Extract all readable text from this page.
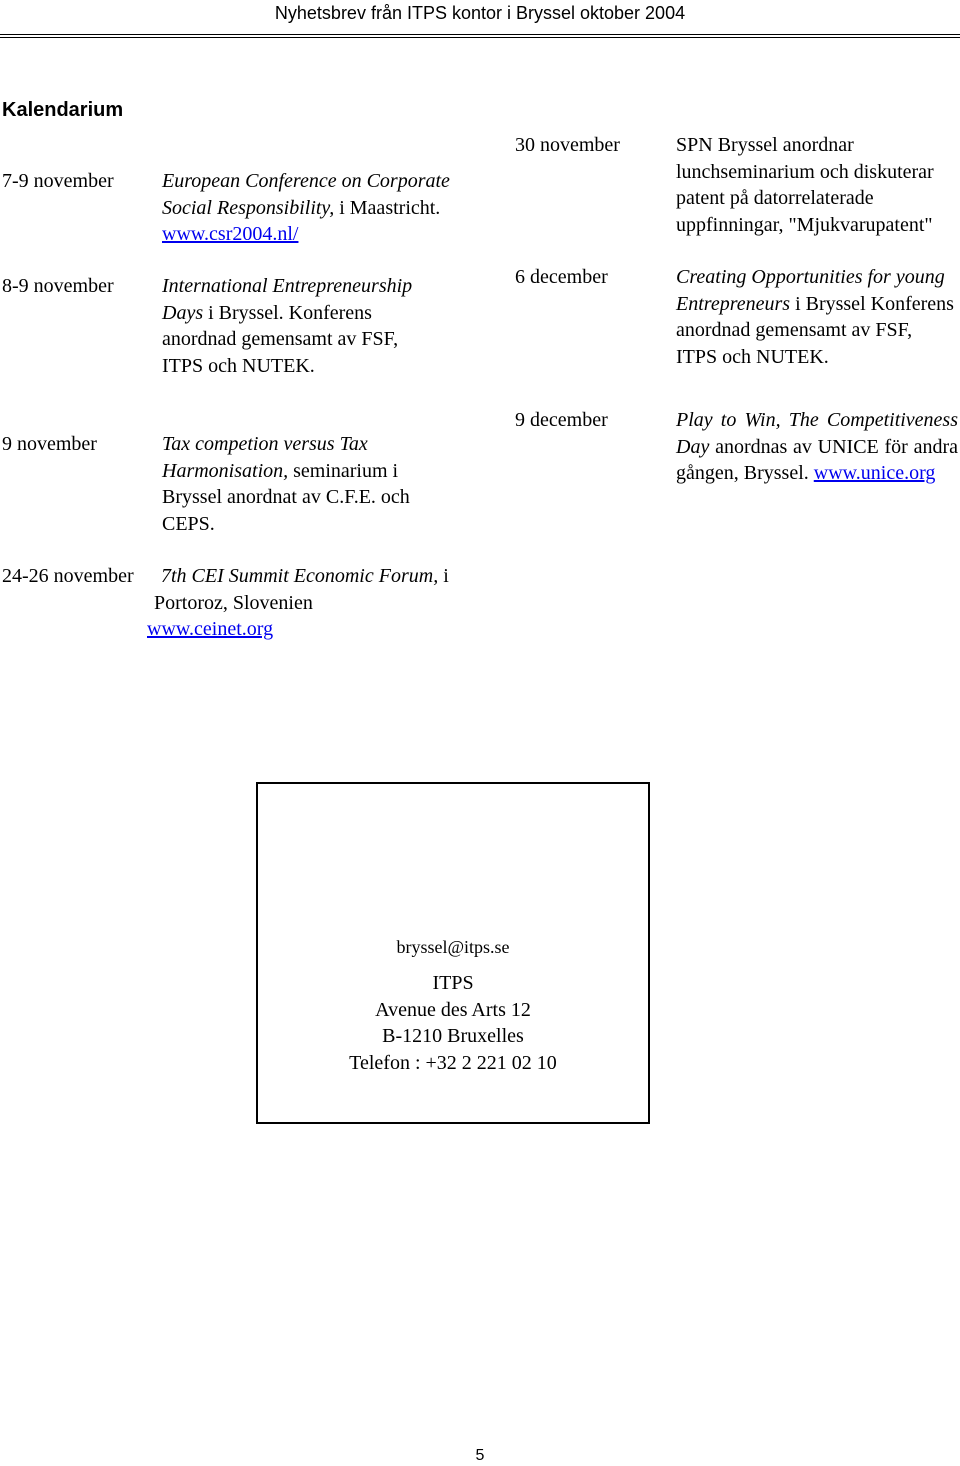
Nyhetsbrev från ITPS kontor i Bryssel oktober 2004
Kalendarium
7-9 november European Conference on Corporate Social Responsibility, i Maastricht. www.csr2004.nl/
8-9 november International Entrepreneurship Days i Bryssel. Konferens anordnad gemensamt av FSF, ITPS och NUTEK.
9 november	Tax competion versus Tax Harmonisation, seminarium i Bryssel anordnat av C.F.E. och CEPS.
24-26 november	7th CEI Summit Economic Forum, i Portoroz, Slovenien
www.ceinet.org
30 november	SPN Bryssel anordnar lunchseminarium och diskuterar patent på datorrelaterade uppfinningar, "Mjukvarupatent"
6 december	Creating Opportunities for young Entrepreneurs i Bryssel Konferens anordnad gemensamt av FSF, ITPS och NUTEK.
9 december	Play to Win, The Competitiveness Day anordnas av UNICE för andra gången, Bryssel. www.unice.org
bryssel@itps.se
ITPS
Avenue des Arts 12
B-1210 Bruxelles
Telefon : +32 2 221 02 10
5
